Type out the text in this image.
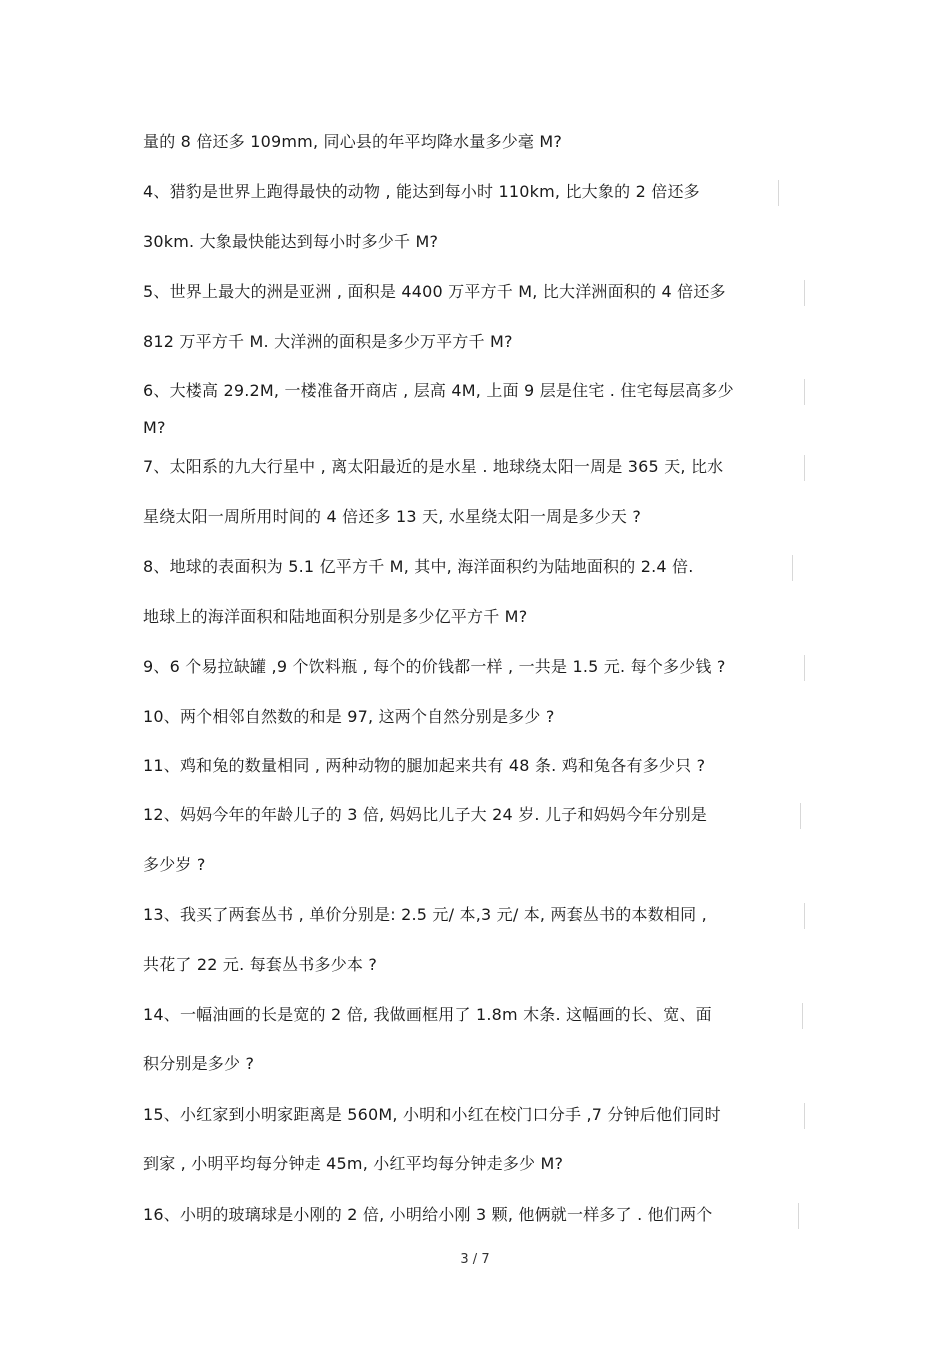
量的 8 倍还多 109mm, 同心县的年平均降水量多少毫 M?
4、猎豹是世界上跑得最快的动物 , 能达到每小时 110km, 比大象的 2 倍还多
30km. 大象最快能达到每小时多少千 M?
5、世界上最大的洲是亚洲 , 面积是 4400 万平方千 M, 比大洋洲面积的 4 倍还多
812 万平方千 M. 大洋洲的面积是多少万平方千 M?
6、大楼高 29.2M, 一楼准备开商店 , 层高 4M, 上面 9 层是住宅 . 住宅每层高多少
M?
7、太阳系的九大行星中 , 离太阳最近的是水星 . 地球绕太阳一周是 365 天, 比水
星绕太阳一周所用时间的 4 倍还多 13 天, 水星绕太阳一周是多少天 ?
8、地球的表面积为 5.1 亿平方千 M, 其中, 海洋面积约为陆地面积的 2.4 倍.
地球上的海洋面积和陆地面积分别是多少亿平方千 M?
9、6 个易拉缺罐 ,9 个饮料瓶 , 每个的价钱都一样 , 一共是 1.5 元. 每个多少钱 ?
10、两个相邻自然数的和是 97, 这两个自然分别是多少 ?
11、鸡和兔的数量相同 , 两种动物的腿加起来共有 48 条. 鸡和兔各有多少只 ?
12、妈妈今年的年龄儿子的 3 倍, 妈妈比儿子大 24 岁. 儿子和妈妈今年分别是
多少岁 ?
13、我买了两套丛书 , 单价分别是: 2.5 元/ 本,3 元/ 本, 两套丛书的本数相同 ,
共花了 22 元. 每套丛书多少本 ?
14、一幅油画的长是宽的 2 倍, 我做画框用了 1.8m 木条. 这幅画的长、宽、面
积分别是多少 ?
15、小红家到小明家距离是 560M, 小明和小红在校门口分手 ,7 分钟后他们同时
到家 , 小明平均每分钟走 45m, 小红平均每分钟走多少 M?
16、小明的玻璃球是小刚的 2 倍, 小明给小刚 3 颗, 他俩就一样多了 . 他们两个
3 / 7
